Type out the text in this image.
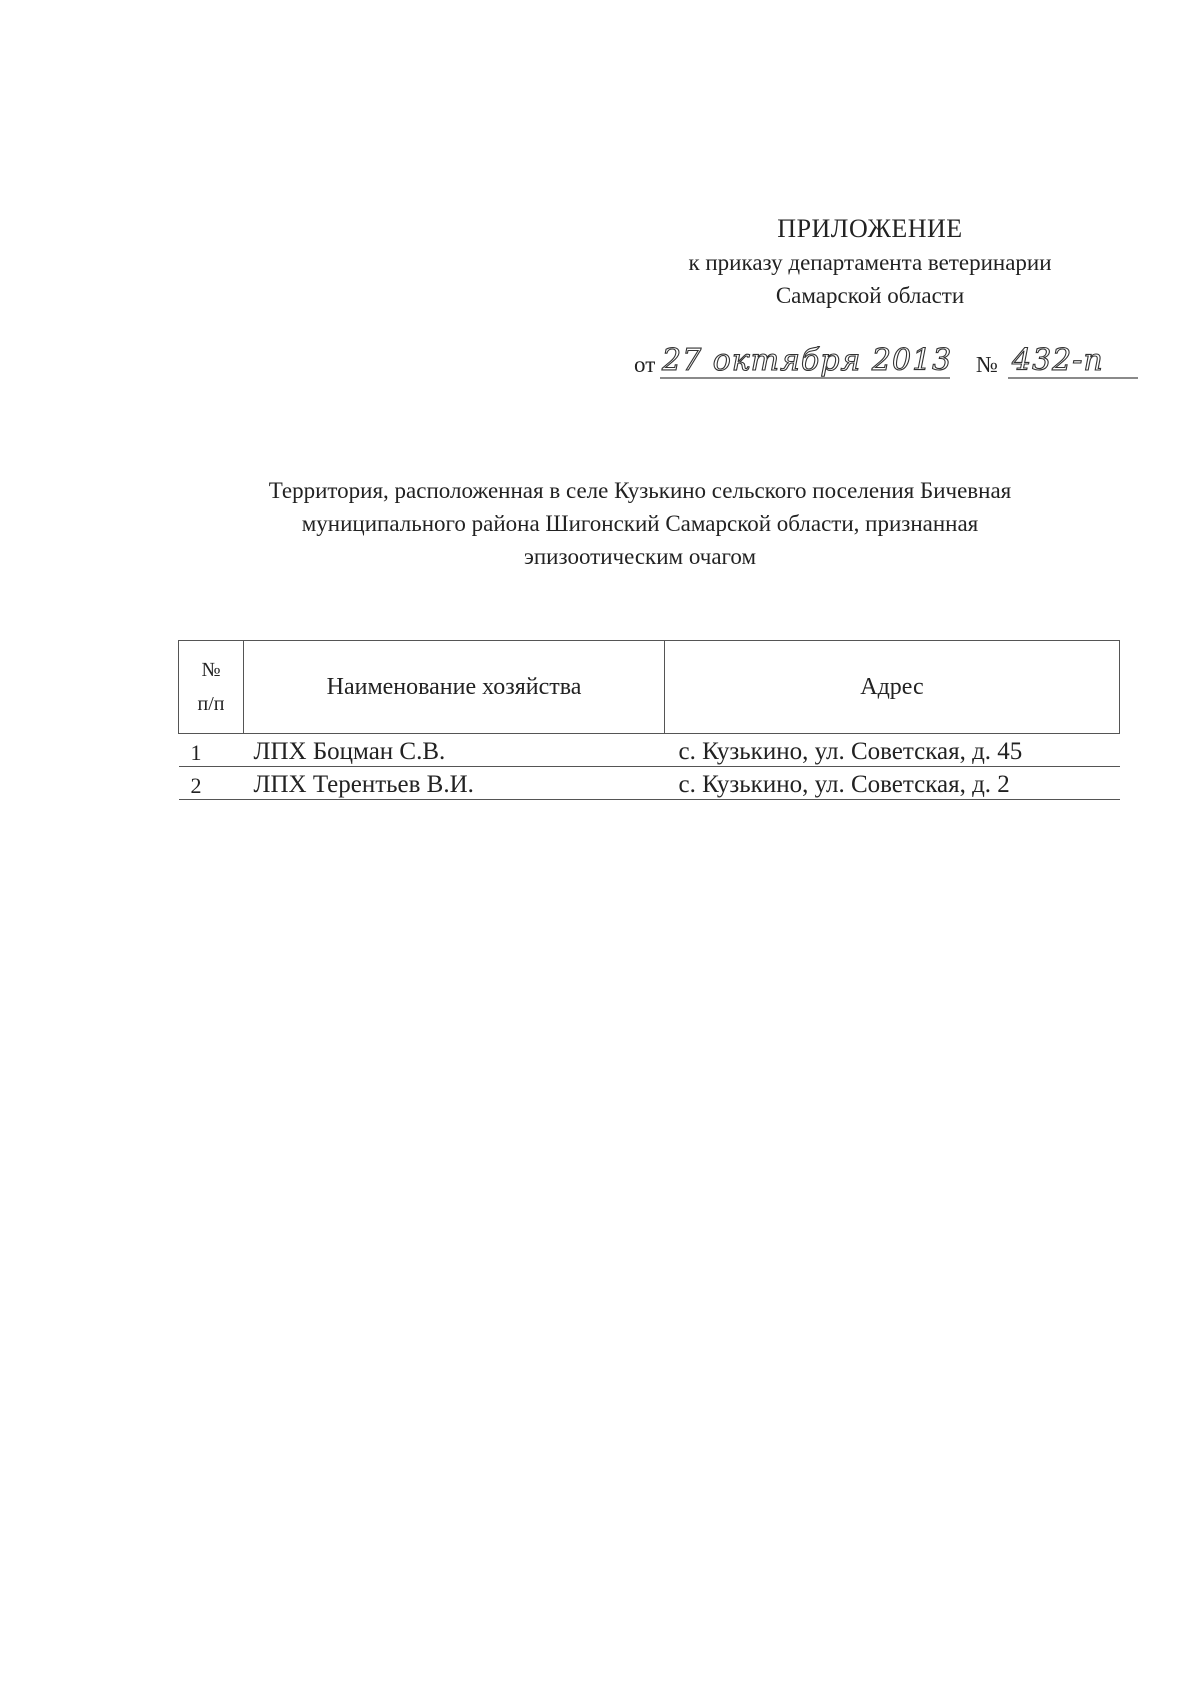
ПРИЛОЖЕНИЕ
к приказу департамента ветеринарии
Самарской области
от 27 октября 2013 № 432-п
Территория, расположенная в селе Кузькино сельского поселения Бичевная
муниципального района Шигонский Самарской области, признанная
эпизоотическим очагом
№
п/п	Наименование хозяйства	Адрес
1	ЛПХ Боцман С.В.	с. Кузькино, ул. Советская, д. 45
2	ЛПХ Терентьев В.И.	с. Кузькино, ул. Советская, д. 2
